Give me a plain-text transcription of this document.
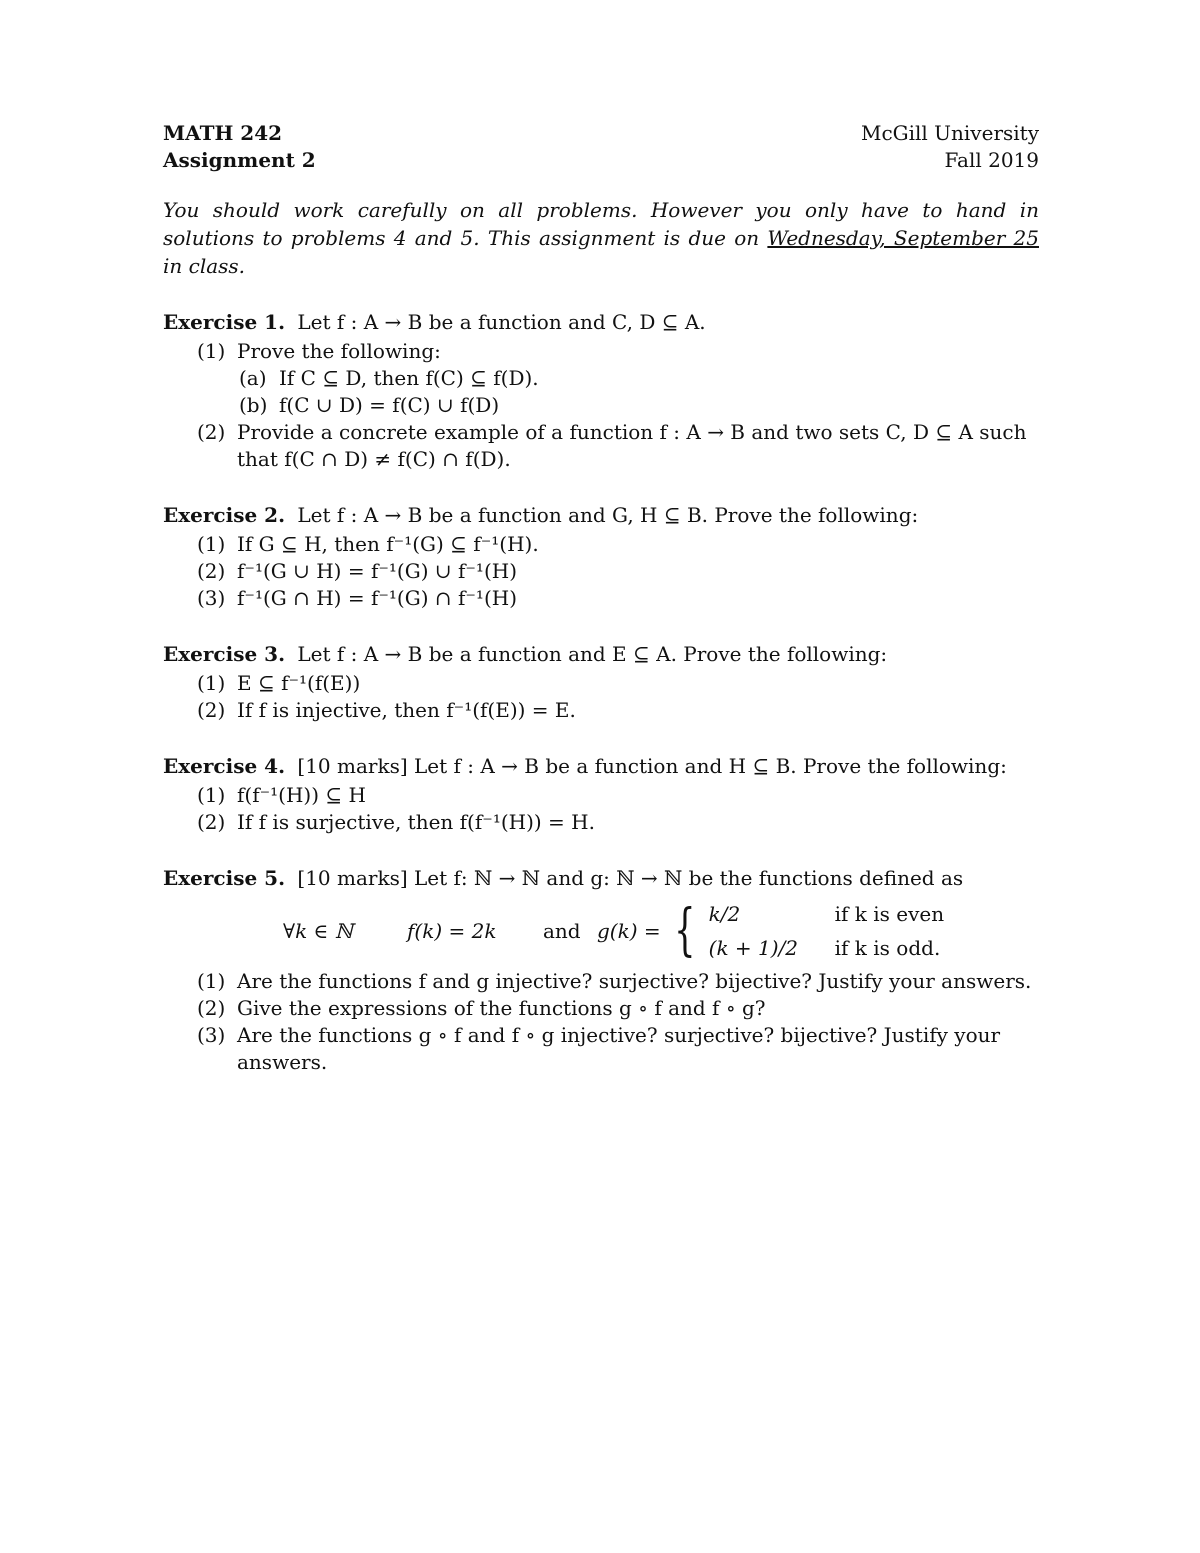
MATH 242	McGill University
Assignment 2	Fall 2019
You should work carefully on all problems. However you only have to hand in solutions to problems 4 and 5. This assignment is due on Wednesday, September 25 in class.
Exercise 1. Let f : A → B be a function and C, D ⊆ A.
(1) Prove the following:
(a) If C ⊆ D, then f(C) ⊆ f(D).
(b) f(C ∪ D) = f(C) ∪ f(D)
(2) Provide a concrete example of a function f : A → B and two sets C, D ⊆ A such that f(C ∩ D) ≠ f(C) ∩ f(D).
Exercise 2. Let f : A → B be a function and G, H ⊆ B. Prove the following:
(1) If G ⊆ H, then f⁻¹(G) ⊆ f⁻¹(H).
(2) f⁻¹(G ∪ H) = f⁻¹(G) ∪ f⁻¹(H)
(3) f⁻¹(G ∩ H) = f⁻¹(G) ∩ f⁻¹(H)
Exercise 3. Let f : A → B be a function and E ⊆ A. Prove the following:
(1) E ⊆ f⁻¹(f(E))
(2) If f is injective, then f⁻¹(f(E)) = E.
Exercise 4. [10 marks] Let f : A → B be a function and H ⊆ B. Prove the following:
(1) f(f⁻¹(H)) ⊆ H
(2) If f is surjective, then f(f⁻¹(H)) = H.
Exercise 5. [10 marks] Let f: ℕ → ℕ and g: ℕ → ℕ be the functions defined as
∀k ∈ ℕ	f(k) = 2k	and g(k) = { k/2	if k is even
(k + 1)/2	if k is odd.
(1) Are the functions f and g injective? surjective? bijective? Justify your answers.
(2) Give the expressions of the functions g ∘ f and f ∘ g?
(3) Are the functions g ∘ f and f ∘ g injective? surjective? bijective? Justify your answers.
